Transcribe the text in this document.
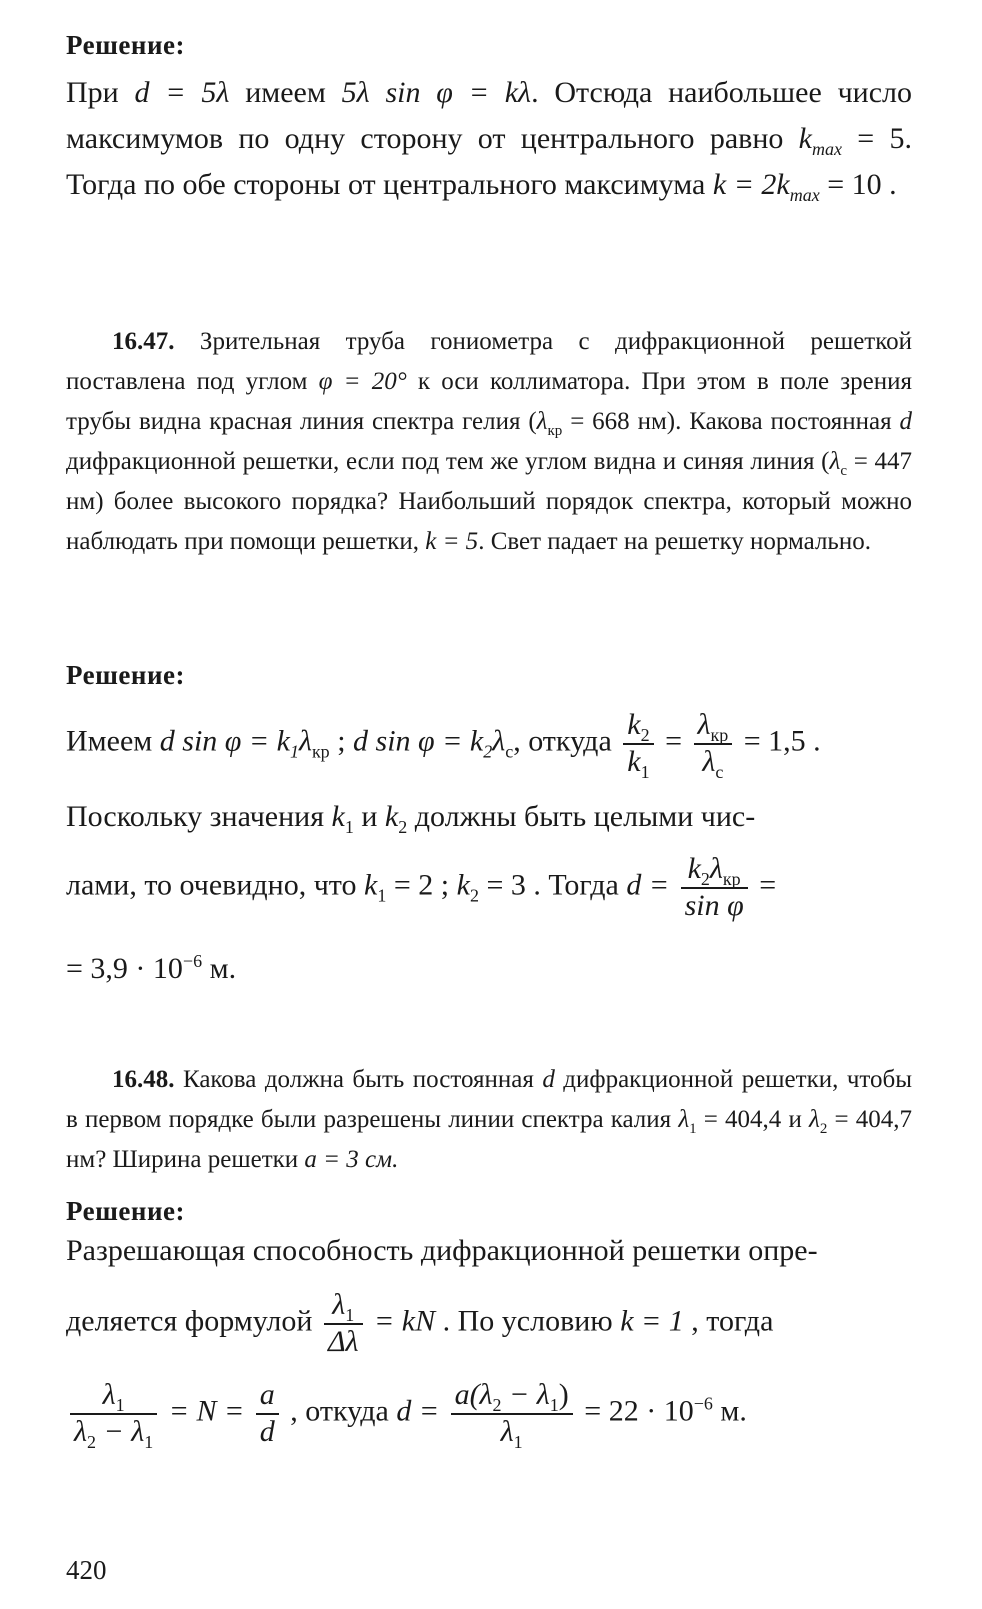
Решение:
При d = 5λ имеем 5λ sin φ = kλ. Отсюда наибольшее число максимумов по одну сторону от центрального равно $k_{max} = 5$. Тогда по обе стороны от центрального максимума $k = 2k_{max} = 10$ .
16.47. Зрительная труба гониометра с дифракционной решеткой поставлена под углом φ = 20° к оси коллиматора. При этом в поле зрения трубы видна красная линия спектра гелия ($\lambda_{кр} = 668$ нм). Какова постоянная d дифракционной решетки, если под тем же углом видна и синяя линия ($\lambda_с = 447$ нм) более высокого порядка? Наибольший порядок спектра, который можно наблюдать при помощи решетки, k = 5. Свет падает на решетку нормально.
Решение:
Имеем d $\sin \varphi = k_1\lambda_{кр}$ ; d $\sin \varphi = k_2\lambda_с$, откуда $\frac{k_2}{k_1} = \frac{\lambda_{кр}}{\lambda_с} = 1,5$ .
Поскольку значения $k_1$ и $k_2$ должны быть целыми чис-
лами, то очевидно, что $k_1 = 2$ ; $k_2 = 3$ . Тогда $d = \frac{k_2\lambda_{кр}}{\text{sin φ}}$ =
= $3,9 \cdot 10^{-6}$ м.
16.48. Какова должна быть постоянная d дифракционной решетки, чтобы в первом порядке были разрешены линии спектра калия $\lambda_1 = 404,4$ и $\lambda_2 = 404,7$ нм? Ширина решетки a = 3 см.
Решение:
Разрешающая способность дифракционной решетки опре-
деляется формулой $\frac{\lambda_1}{\Delta\lambda}$ = kN . По условию k = 1 , тогда
$\frac{\lambda_1}{\lambda_2 - \lambda_1} = N = \frac{a}{d}$ , откуда $d = \frac{a(\lambda_2 - \lambda_1)}{\lambda_1} = 22 \cdot 10^{-6}$ м.
420
